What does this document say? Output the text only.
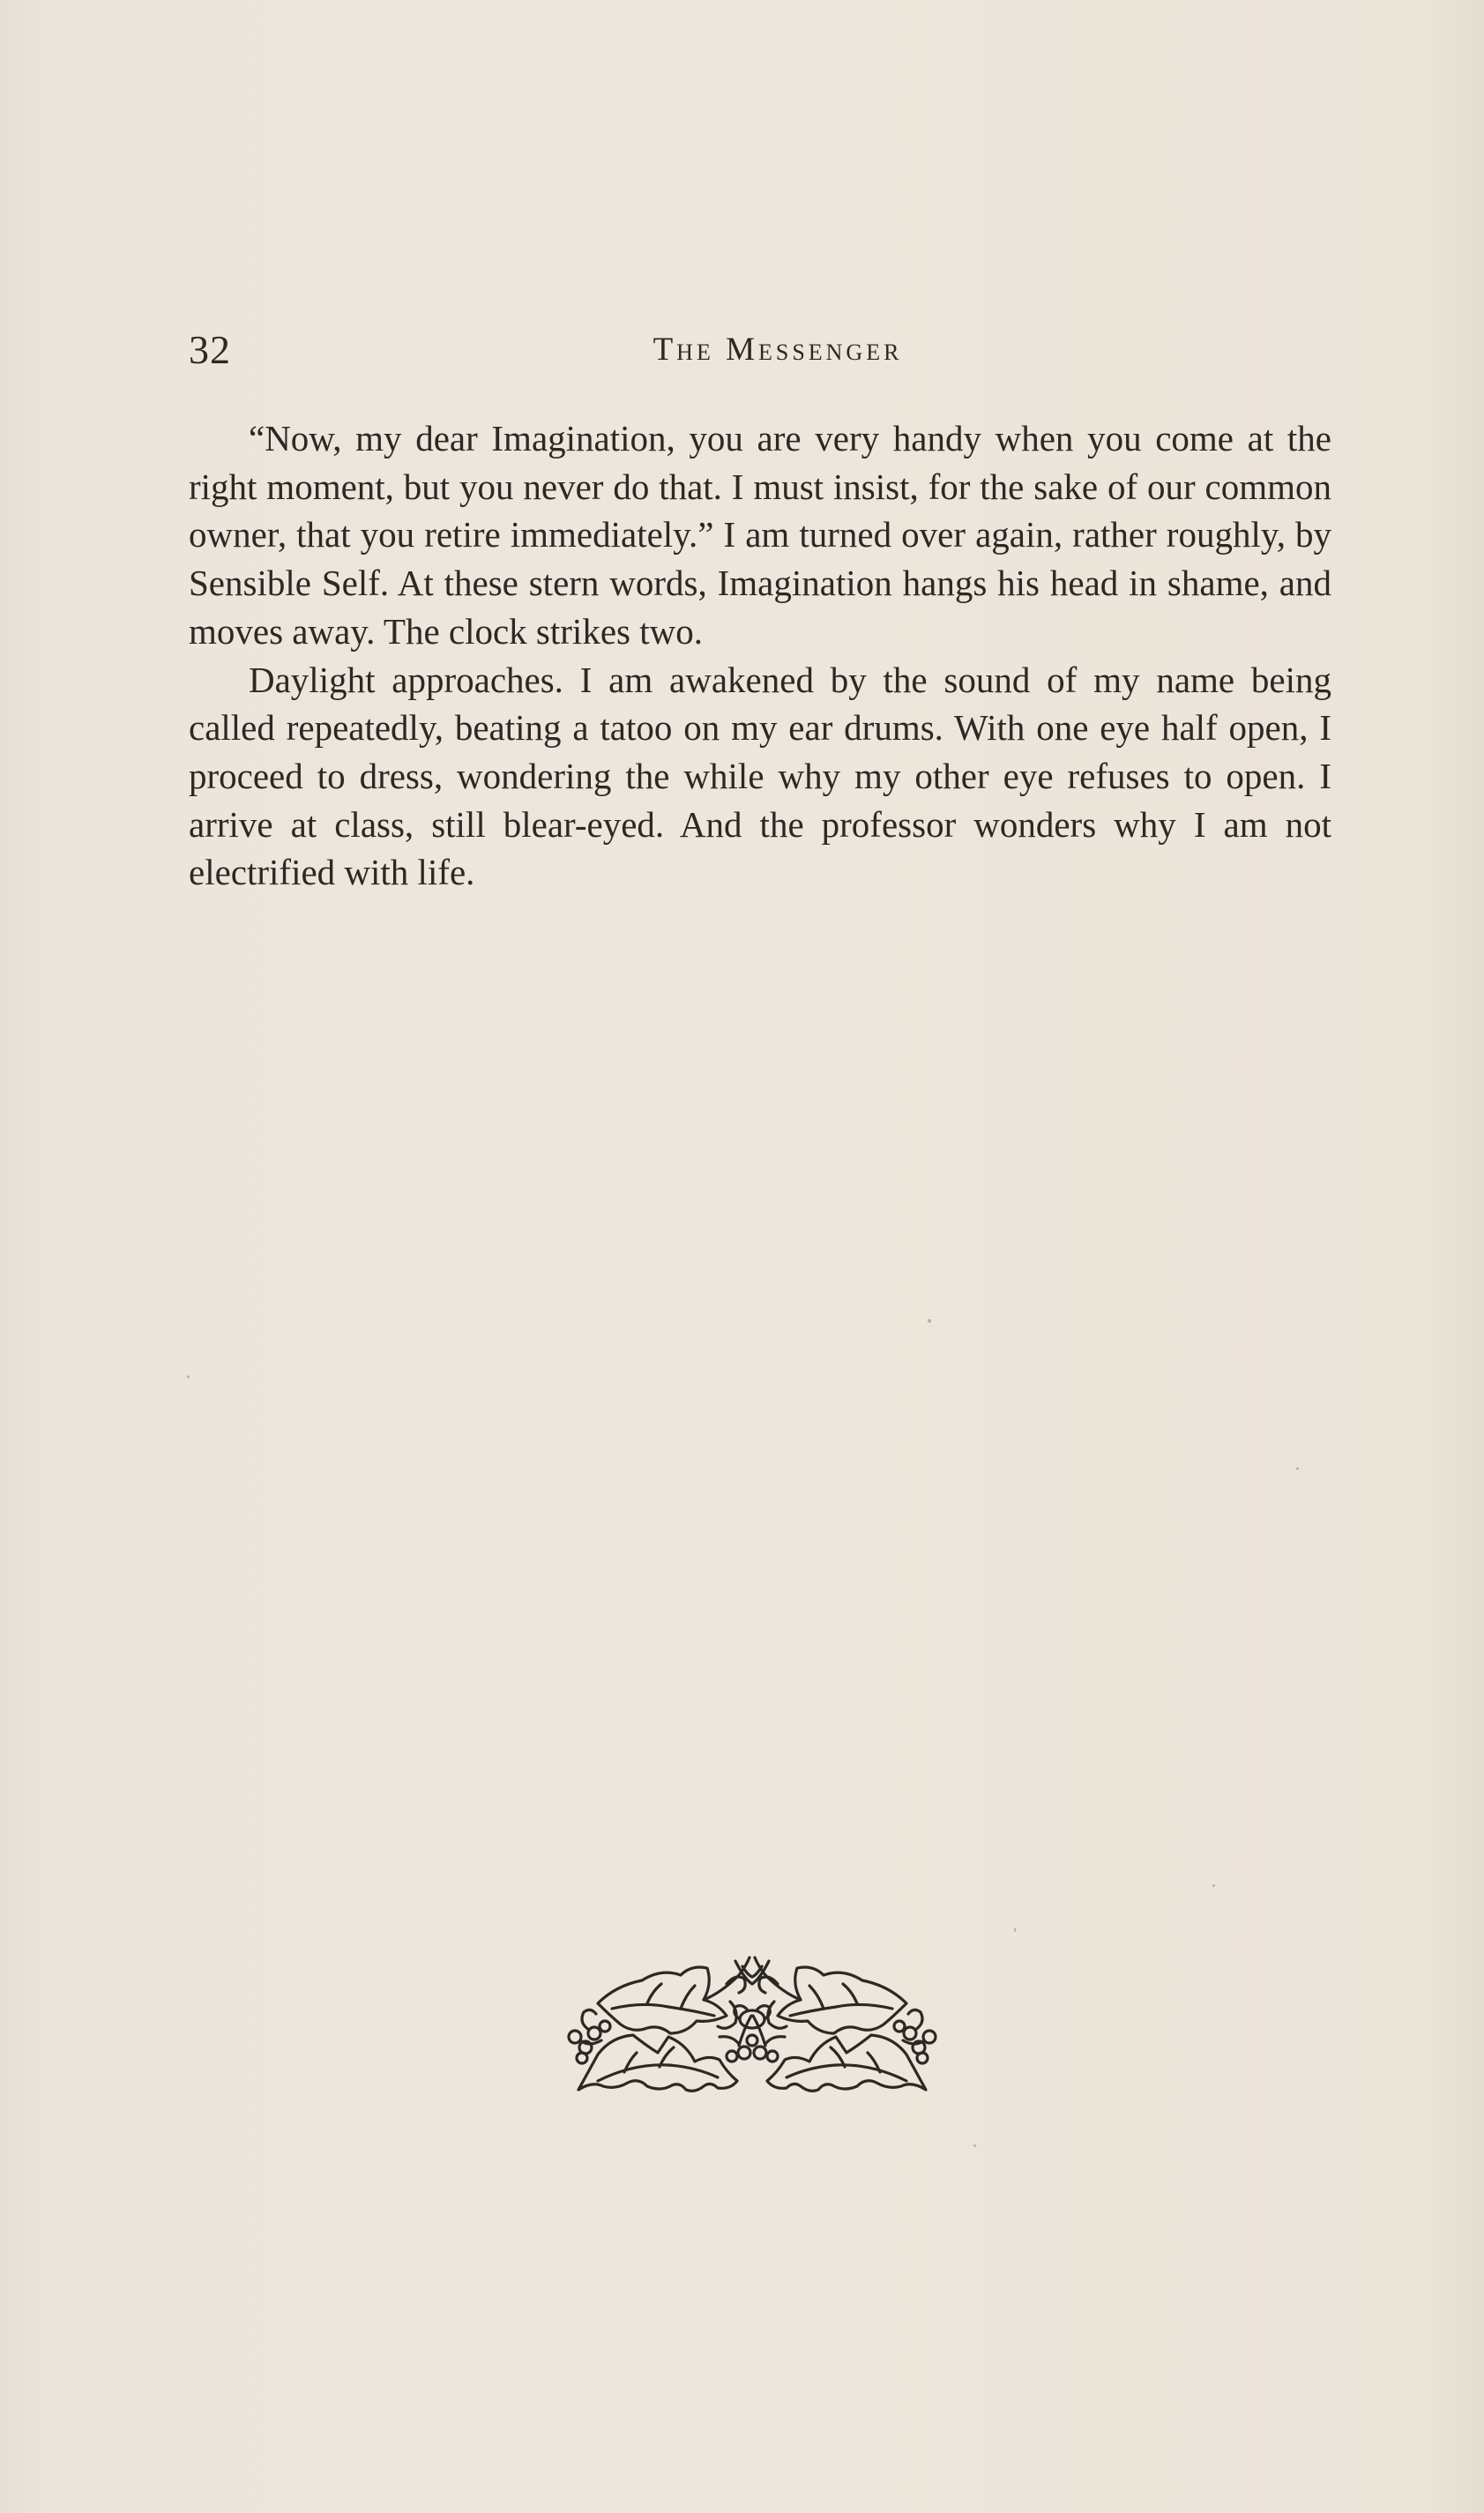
32	The Messenger

“Now, my dear Imagination, you are very handy when you come at the right moment, but you never do that. I must insist, for the sake of our common owner, that you retire immediately.” I am turned over again, rather roughly, by Sensible Self. At these stern words, Imagination hangs his head in shame, and moves away. The clock strikes two.

Daylight approaches. I am awakened by the sound of my name being called repeatedly, beating a tatoo on my ear drums. With one eye half open, I proceed to dress, wondering the while why my other eye refuses to open. I arrive at class, still blear-eyed. And the professor wonders why I am not electrified with life.
